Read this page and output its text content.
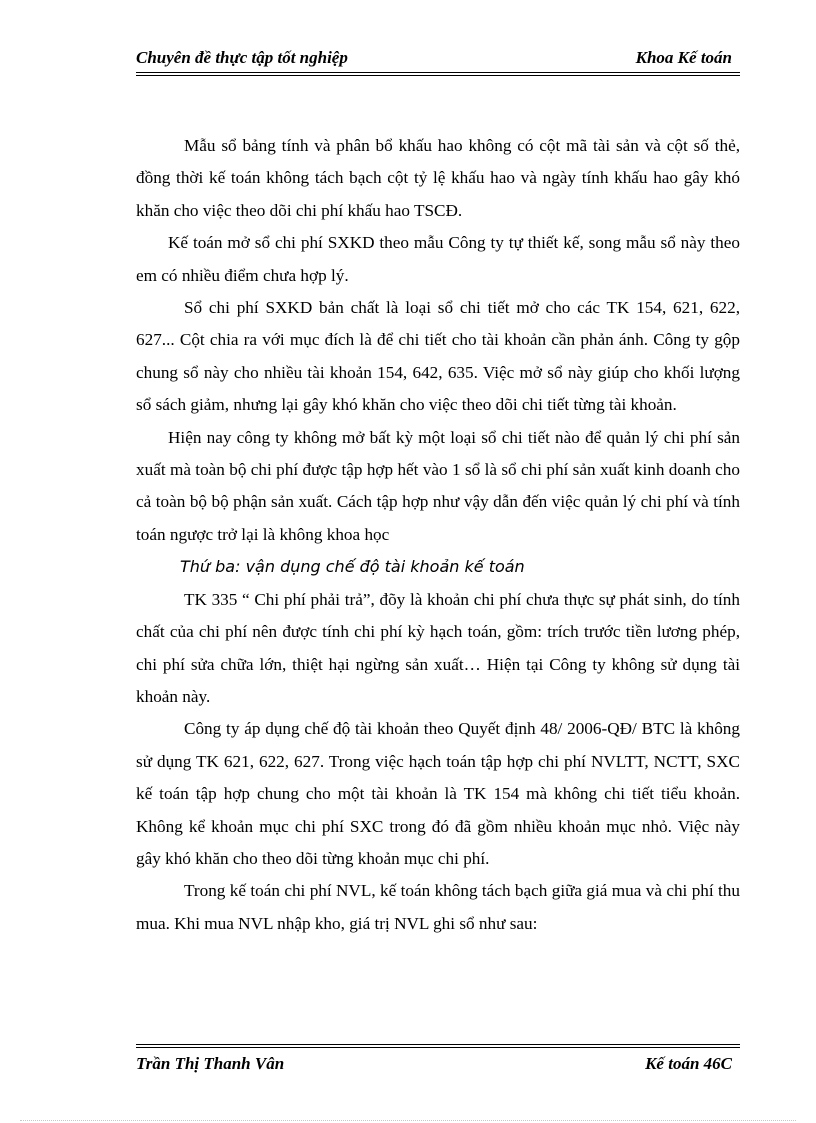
Chuyên đề thực tập tốt nghiệp	Khoa Kế toán

Mẫu sổ bảng tính và phân bổ khấu hao không có cột mã tài sản và cột số thẻ, đồng thời kế toán không tách bạch cột tỷ lệ khấu hao và ngày tính khấu hao gây khó khăn cho việc theo dõi chi phí khấu hao TSCĐ.

Kế toán mở sổ chi phí SXKD theo mẫu Công ty tự thiết kế, song mẫu sổ này theo em có nhiều điểm chưa hợp lý.

Sổ chi phí SXKD bản chất là loại sổ chi tiết mở cho các TK 154, 621, 622, 627... Cột chia ra với mục đích là để chi tiết cho tài khoản cần phản ánh. Công ty gộp chung sổ này cho nhiều tài khoản 154, 642, 635. Việc mở sổ này giúp cho khối lượng sổ sách giảm, nhưng lại gây khó khăn cho việc theo dõi chi tiết từng tài khoản.

Hiện nay công ty không mở bất kỳ một loại sổ chi tiết nào để quản lý chi phí sản xuất mà toàn bộ chi phí được tập hợp hết vào 1 sổ là sổ chi phí sản xuất kinh doanh cho cả toàn bộ bộ phận sản xuất. Cách tập hợp như vậy dẫn đến việc quản lý chi phí và tính toán ngược trở lại là không khoa học

Thứ ba: vận dụng chế độ tài khoản kế toán

TK 335 “ Chi phí phải trả”, đõy là khoản chi phí chưa thực sự phát sinh, do tính chất của chi phí nên được tính chi phí kỳ hạch toán, gồm: trích trước tiền lương phép, chi phí sửa chữa lớn, thiệt hại ngừng sản xuất… Hiện tại Công ty không sử dụng tài khoản này.

Công ty áp dụng chế độ tài khoản theo Quyết định 48/ 2006-QĐ/ BTC là không sử dụng TK 621, 622, 627. Trong việc hạch toán tập hợp chi phí NVLTT, NCTT, SXC kế toán tập hợp chung cho một tài khoản là TK 154 mà không chi tiết tiểu khoản. Không kể khoản mục chi phí SXC trong đó đã gồm nhiều khoản mục nhỏ. Việc này gây khó khăn cho theo dõi từng khoản mục chi phí.

Trong kế toán chi phí NVL, kế toán không tách bạch giữa giá mua và chi phí thu mua. Khi mua NVL nhập kho, giá trị NVL ghi sổ như sau:

Trần Thị Thanh Vân	Kế toán 46C
